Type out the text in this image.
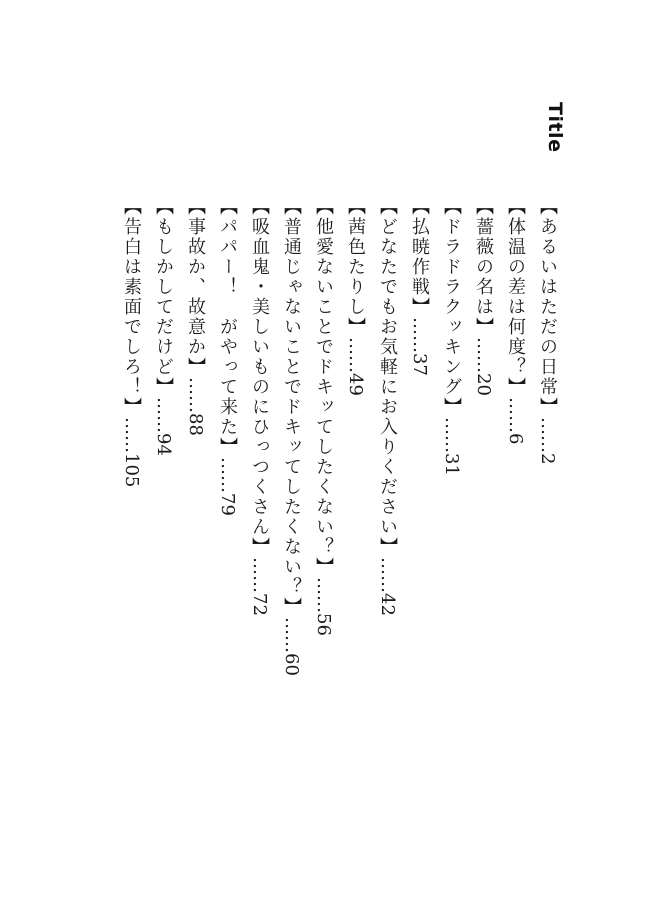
Title
【あるいはただの日常】……2
【体温の差は何度？】……6
【薔薇の名は】……20
【ドラドラクッキング】……31
【払暁作戦】……37
【どなたでもお気軽にお入りください】……42
【茜色たりし】……49
【他愛ないことでドキッてしたくない？】……56
【普通じゃないことでドキッてしたくない？】……60
【吸血鬼・美しいものにひっつくさん】……72
【パパー！　がやって来た】……79
【事故か、故意か】……88
【もしかしてだけど】……94
【告白は素面でしろ！】……105
